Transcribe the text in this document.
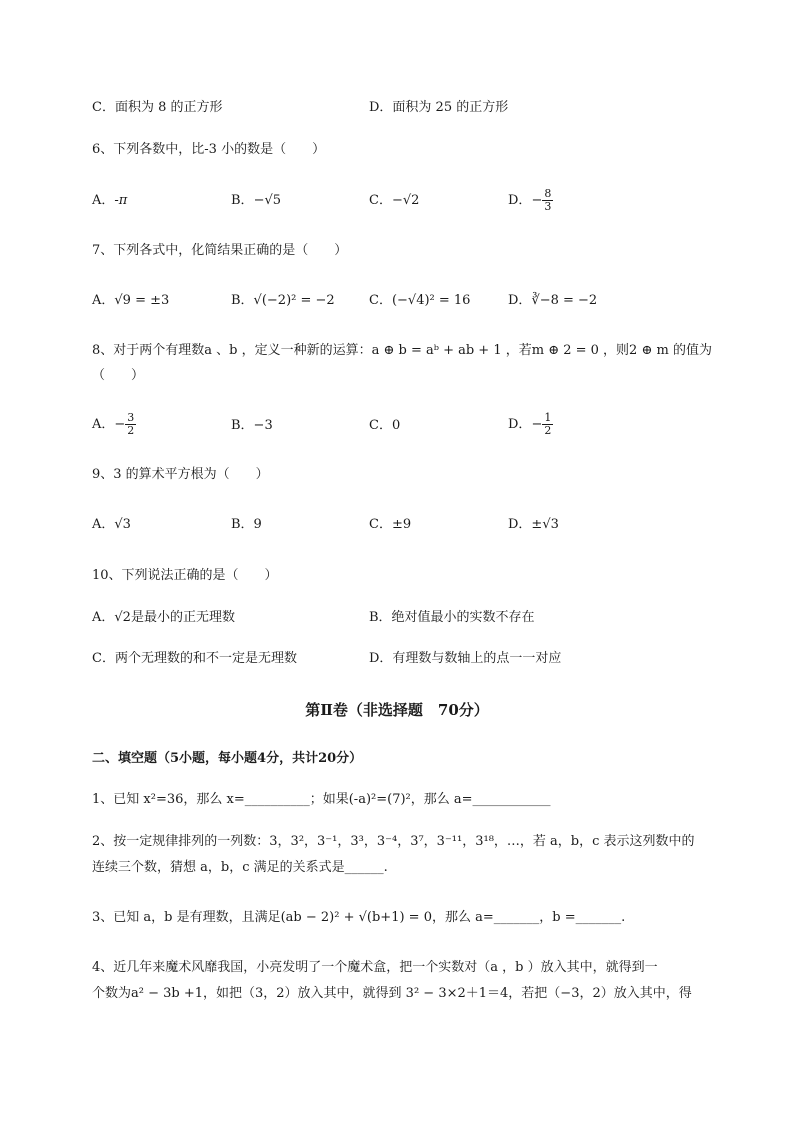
C．面积为 8 的正方形	D．面积为 25 的正方形
6、下列各数中，比-3 小的数是（　　）
A．-π	B．−√5	C．−√2	D．− $\frac{8}{3}$
7、下列各式中，化简结果正确的是（　　）
A．√9 = ±3	B．√(−2)² = −2	C．(−√4)² = 16	D．∛−8 = −2
8、对于两个有理数a 、b ，定义一种新的运算：a ⊕ b = aᵇ + ab + 1 ，若m ⊕ 2 = 0 ，则2 ⊕ m 的值为
（　　）
A．− $\frac{3}{2}$	B．−3	C．0	D．− $\frac{1}{2}$
9、3 的算术平方根为（　　）
A．√3	B．9	C．±9	D．±√3
10、下列说法正确的是（　　）
A．√2是最小的正无理数	B．绝对值最小的实数不存在
C．两个无理数的和不一定是无理数	D．有理数与数轴上的点一一对应
第Ⅱ卷（非选择题　70分）
二、填空题（5小题，每小题4分，共计20分）
1、已知 x²=36，那么 x=__________；如果(-a)²=(7)²，那么 a=____________
2、按一定规律排列的一列数：3，3²，3⁻¹，3³，3⁻⁴，3⁷，3⁻¹¹，3¹⁸，…，若 a，b，c 表示这列数中的
连续三个数，猜想 a，b，c 满足的关系式是______.
3、已知 a，b 是有理数，且满足(ab − 2)² + √(b+1) = 0，那么 a=_______，b =_______.
4、近几年来魔术风靡我国，小亮发明了一个魔术盒，把一个实数对（a ，b ）放入其中，就得到一
个数为a² − 3b +1，如把（3，2）放入其中，就得到 3² − 3×2＋1＝4，若把（−3，2）放入其中，得
